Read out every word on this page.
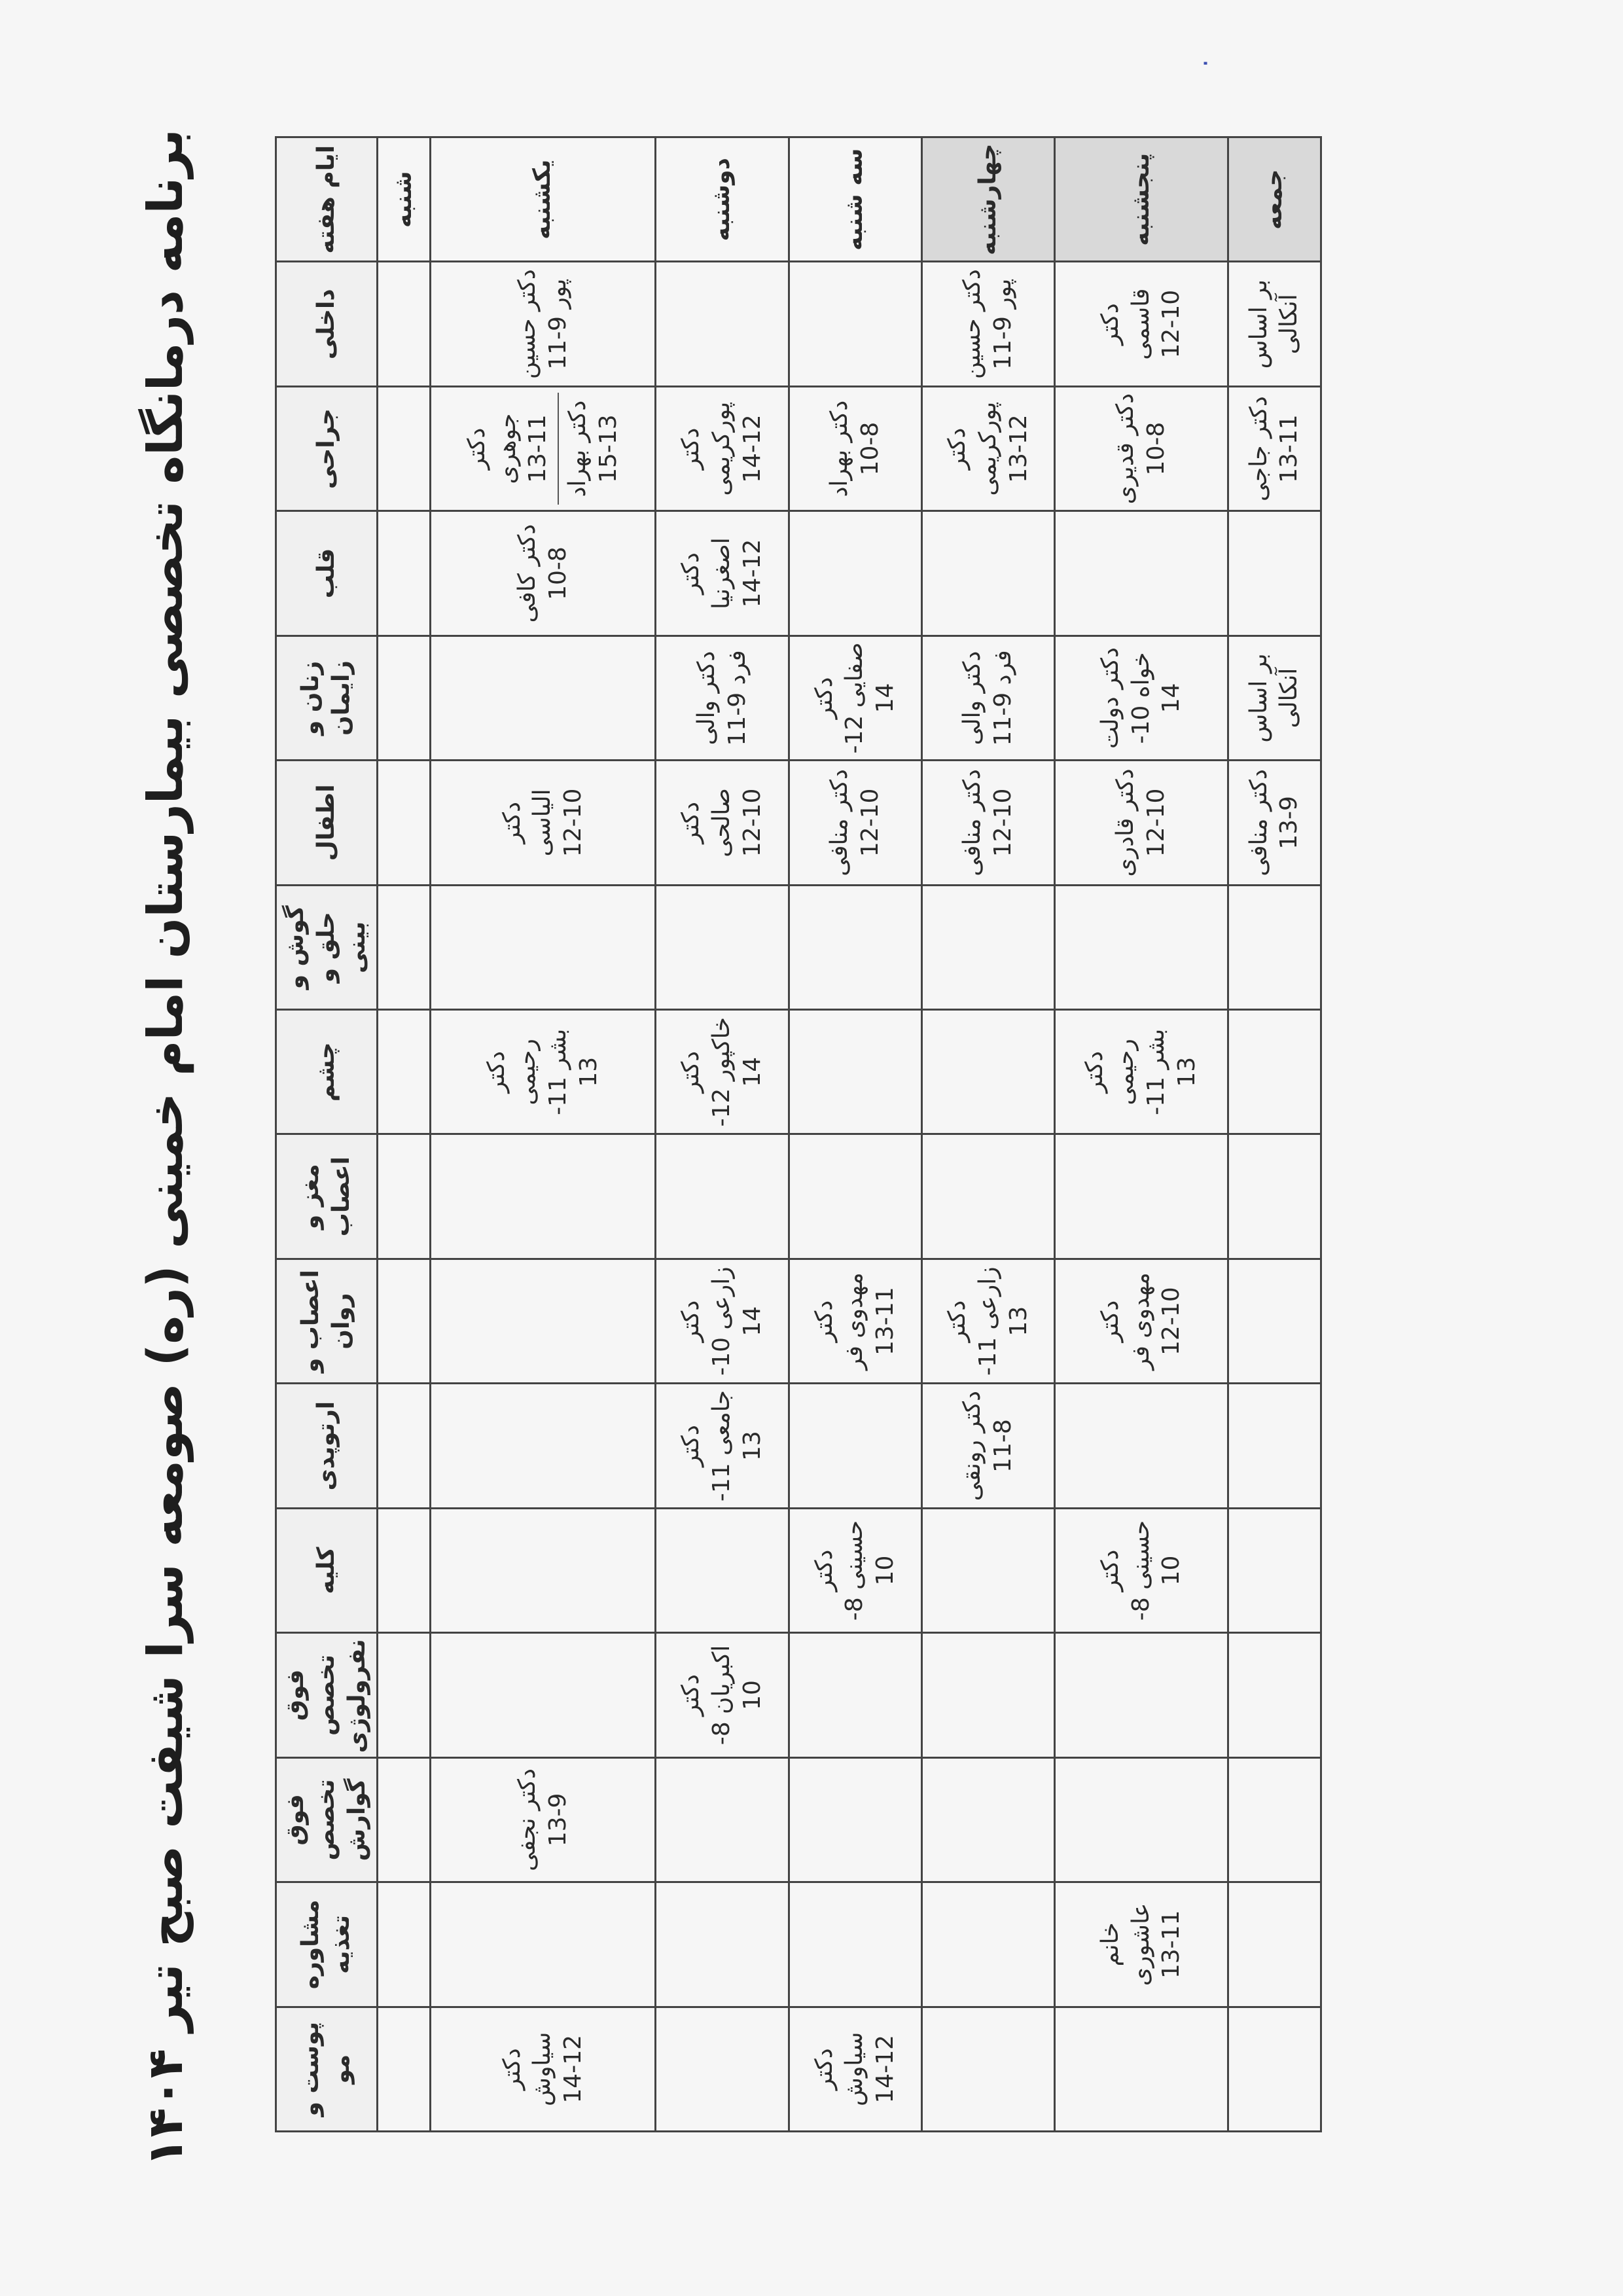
برنامه درمانگاه تخصصی بیمارستان امام خمینی (ره) صومعه سرا شیفت صبح تیر ۱۴۰۴	ایام هفته	داخلی	جراحی	قلب	زنان و زایمان	اطفال	گوش و حلق و بینی	چشم	مغز و اعصاب	اعصاب و روان	ارتوپدی	کلیه	فوق تخصص نفرولوژی	فوق تخصص گوارش	مشاوره تغذیه	پوست و مو
شنبه															
یکشنبه	دکتر حسین پور 9-11	دکتر جوهری 11-13 دکتر بهراد 13-15	دکتر کافی 8-10		دکتر الیاسی 10-12		دکتر رحیمی بشر 11-13						دکتر نجفی 9-13		دکتر سیاوش 12-14
دوشنبه		دکتر پورکریمی 12-14	دکتر اصغرنیا 12-14	دکتر والی فرد 9-11	دکتر صالحی 10-12		دکتر خاکپور 12-14		دکتر زارعی 10-14	دکتر جامعی 11-13		دکتر اکبریان 8-10			
سه شنبه		دکتر بهراد 8-10		دکتر صفایی 12-14	دکتر منافی 10-12				دکتر مهدوی فر 11-13		دکتر حسینی 8-10				دکتر سیاوش 12-14
چهارشنبه	دکتر حسین پور 9-11	دکتر پورکریمی 12-13		دکتر والی فرد 9-11	دکتر منافی 10-12				دکتر زارعی 11-13	دکتر رونقی 8-11					
پنجشنبه	دکتر قاسمی 10-12	دکتر قدیری 8-10		دکتر دولت خواه 10-14	دکتر قادری 10-12		دکتر رحیمی بشر 11-13		دکتر مهدوی فر 10-12		دکتر حسینی 8-10			خانم عاشوری 11-13	
جمعه	بر اساس آنکالی	دکتر جاجی 11-13		بر اساس آنکالی	دکتر منافی 9-13										
·
